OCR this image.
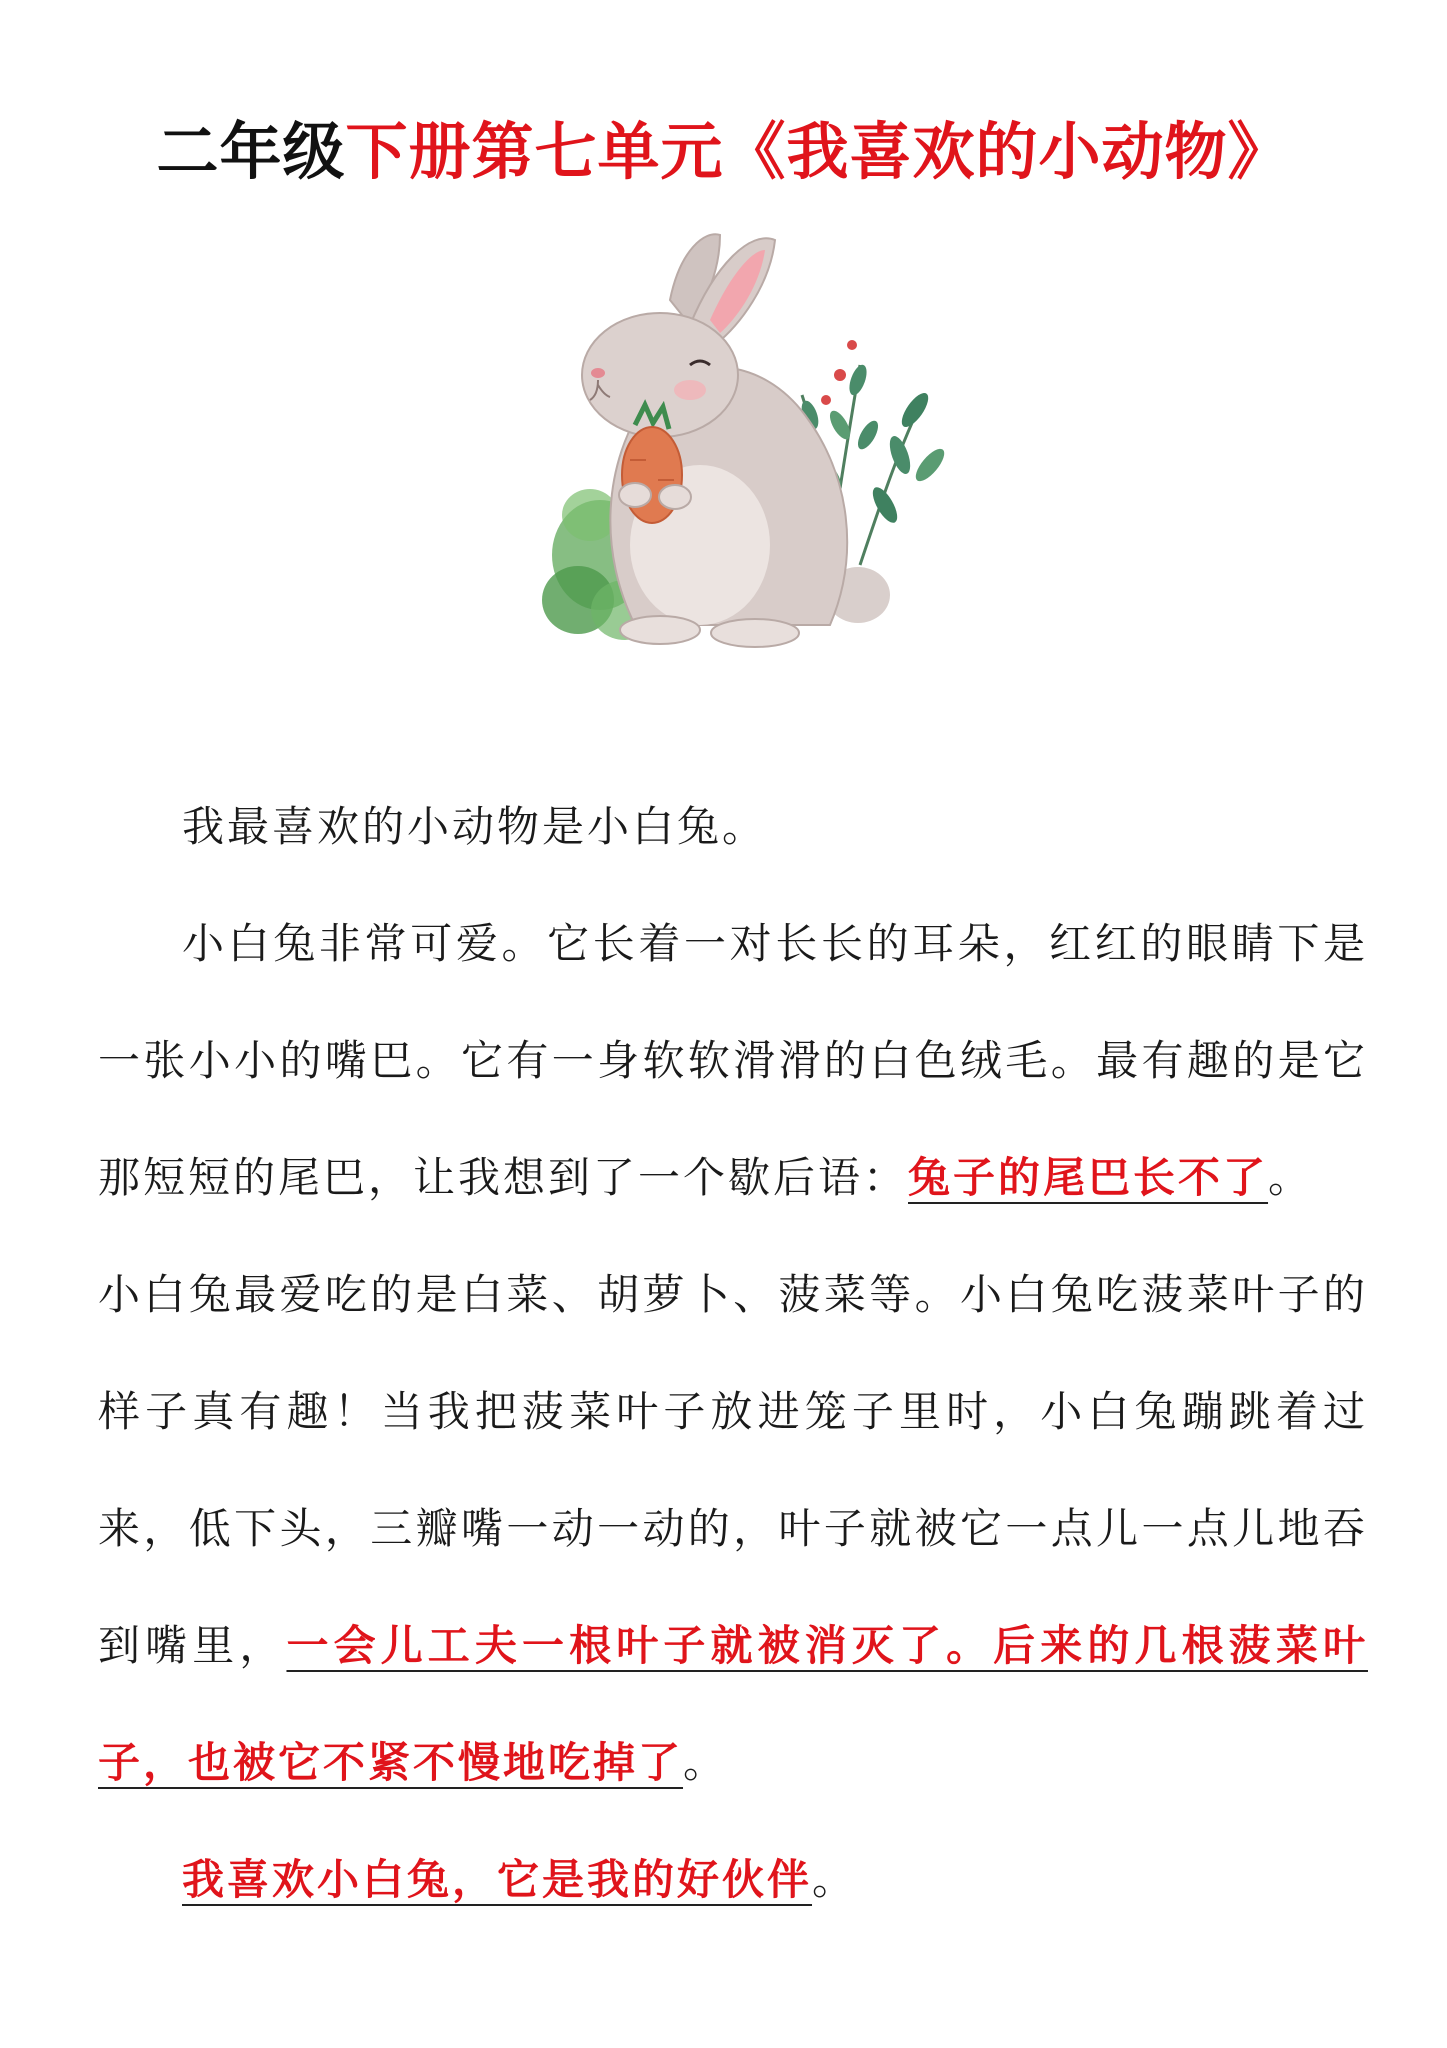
二年级下册第七单元《我喜欢的小动物》

我最喜欢的小动物是小白兔。

小白兔非常可爱。它长着一对长长的耳朵，红红的眼睛下是一张小小的嘴巴。它有一身软软滑滑的白色绒毛。最有趣的是它那短短的尾巴，让我想到了一个歇后语：兔子的尾巴长不了。

小白兔最爱吃的是白菜、胡萝卜、菠菜等。小白兔吃菠菜叶子的样子真有趣！当我把菠菜叶子放进笼子里时，小白兔蹦跳着过来，低下头，三瓣嘴一动一动的，叶子就被它一点儿一点儿地吞到嘴里，一会儿工夫一根叶子就被消灭了。后来的几根菠菜叶子，也被它不紧不慢地吃掉了。

我喜欢小白兔，它是我的好伙伴。
